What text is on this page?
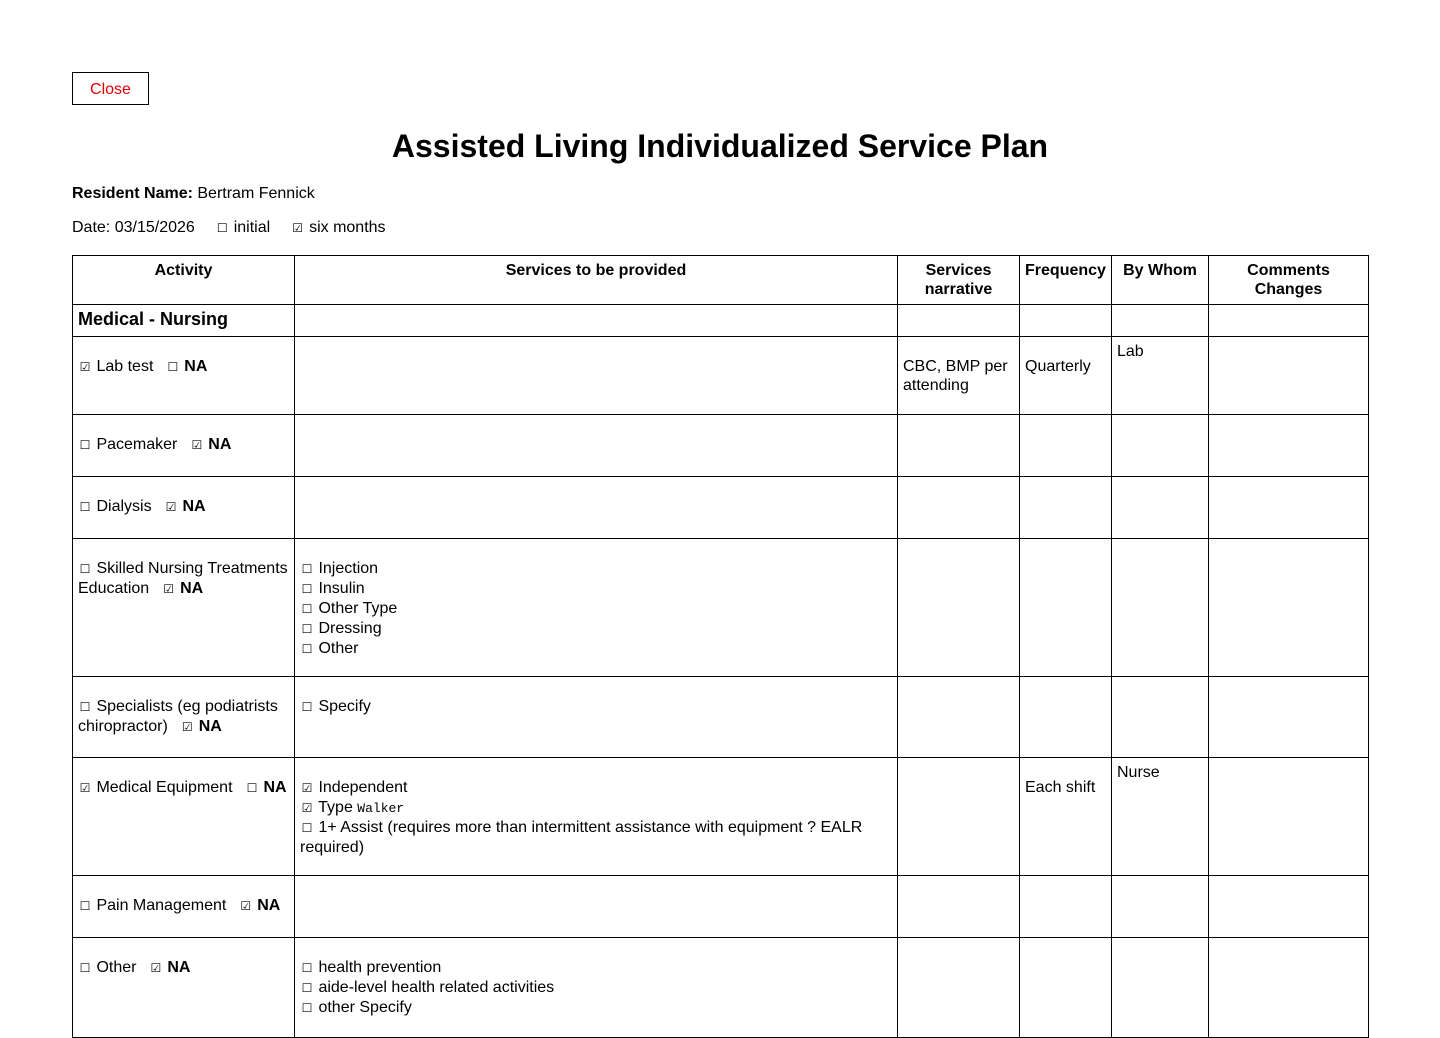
Close
Assisted Living Individualized Service Plan
Resident Name: Bertram Fennick
Date: 03/15/2026 ☐ initial ☑ six months
Activity	Services to be provided	Services narrative	Frequency	By Whom	Comments Changes
Medical - Nursing					
☑ Lab test ☐ NA		CBC, BMP per attending	Quarterly	Lab	
☐ Pacemaker ☑ NA					
☐ Dialysis ☑ NA					
☐ Skilled Nursing Treatments Education ☑ NA	☐ Injection
☐ Insulin
☐ Other Type
☐ Dressing
☐ Other				

☐ Specialists (eg podiatrists chiropractor) ☑ NA	☐ Specify				

☑ Medical Equipment ☐ NA	☑ Independent
☑ Type Walker
☐ 1+ Assist (requires more than intermittent assistance with equipment ? EALR required)		Each shift	Nurse	
☐ Pain Management ☑ NA					
☐ Other ☑ NA	☐ health prevention
☐ aide-level health related activities
☐ other Specify				
